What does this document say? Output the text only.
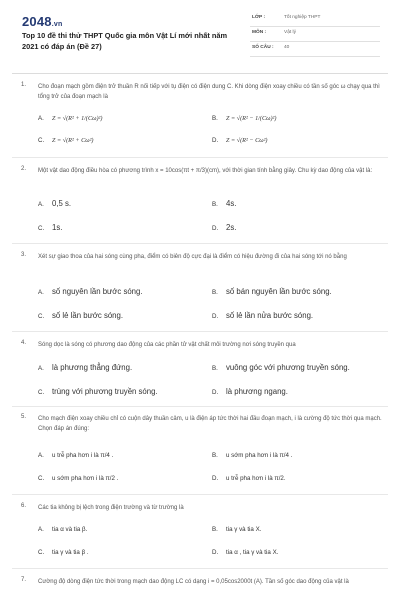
2048.vn
Top 10 đề thi thử THPT Quốc gia môn Vật Lí mới nhất năm 2021 có đáp án (Đề 27)
LỚP :	Tốt nghiệp THPT
MÔN :	Vật lý
SỐ CÂU : 40
1. Cho đoạn mạch gồm điện trở thuần R nối tiếp với tụ điện có điện dung C. Khi dòng điện xoay chiều có tần số góc ω chạy qua thì tổng trở của đoạn mạch là
A. Z = √(R² + 1/(Cω)²)	B. Z = √(R² − 1/(Cω)²)
C. Z = √(R² + Cω²)	D. Z = √(R² − Cω²)
2. Một vật dao động điều hòa có phương trình x = 10cos(πt + π/3)(cm), với thời gian tính bằng giây. Chu kỳ dao động của vật là:
A. 0,5 s.	B. 4s.
C. 1s.	D. 2s.
3. Xét sự giao thoa của hai sóng cùng pha, điểm có biên độ cực đại là điểm có hiệu đường đi của hai sóng tới nó bằng
A. số nguyên lần bước sóng.	B. số bán nguyên lần bước sóng.
C. số lẻ lần bước sóng.	D. số lẻ lần nửa bước sóng.
4. Sóng dọc là sóng có phương dao động của các phần tử vật chất môi trường nơi sóng truyền qua
A. là phương thẳng đứng.	B. vuông góc với phương truyền sóng.
C. trùng với phương truyền sóng.	D. là phương ngang.
5. Cho mạch điện xoay chiều chỉ có cuộn dây thuần cảm, u là điện áp tức thời hai đầu đoạn mạch, i là cường độ tức thời qua mạch. Chọn đáp án đúng:
A. u trễ pha hơn i là π/4 .	B. u sớm pha hơn i là π/4 .
C. u sớm pha hơn i là π/2 .	D. u trễ pha hơn i là π/2.
6. Các tia không bị lệch trong điện trường và từ trường là
A. tia α và tia β.	B. tia γ và tia X.
C. tia γ và tia β .	D. tia α , tia γ và tia X.
7. Cường độ dòng điện tức thời trong mạch dao động LC có dạng i = 0,05cos2000t (A). Tần số góc dao động của vật là
